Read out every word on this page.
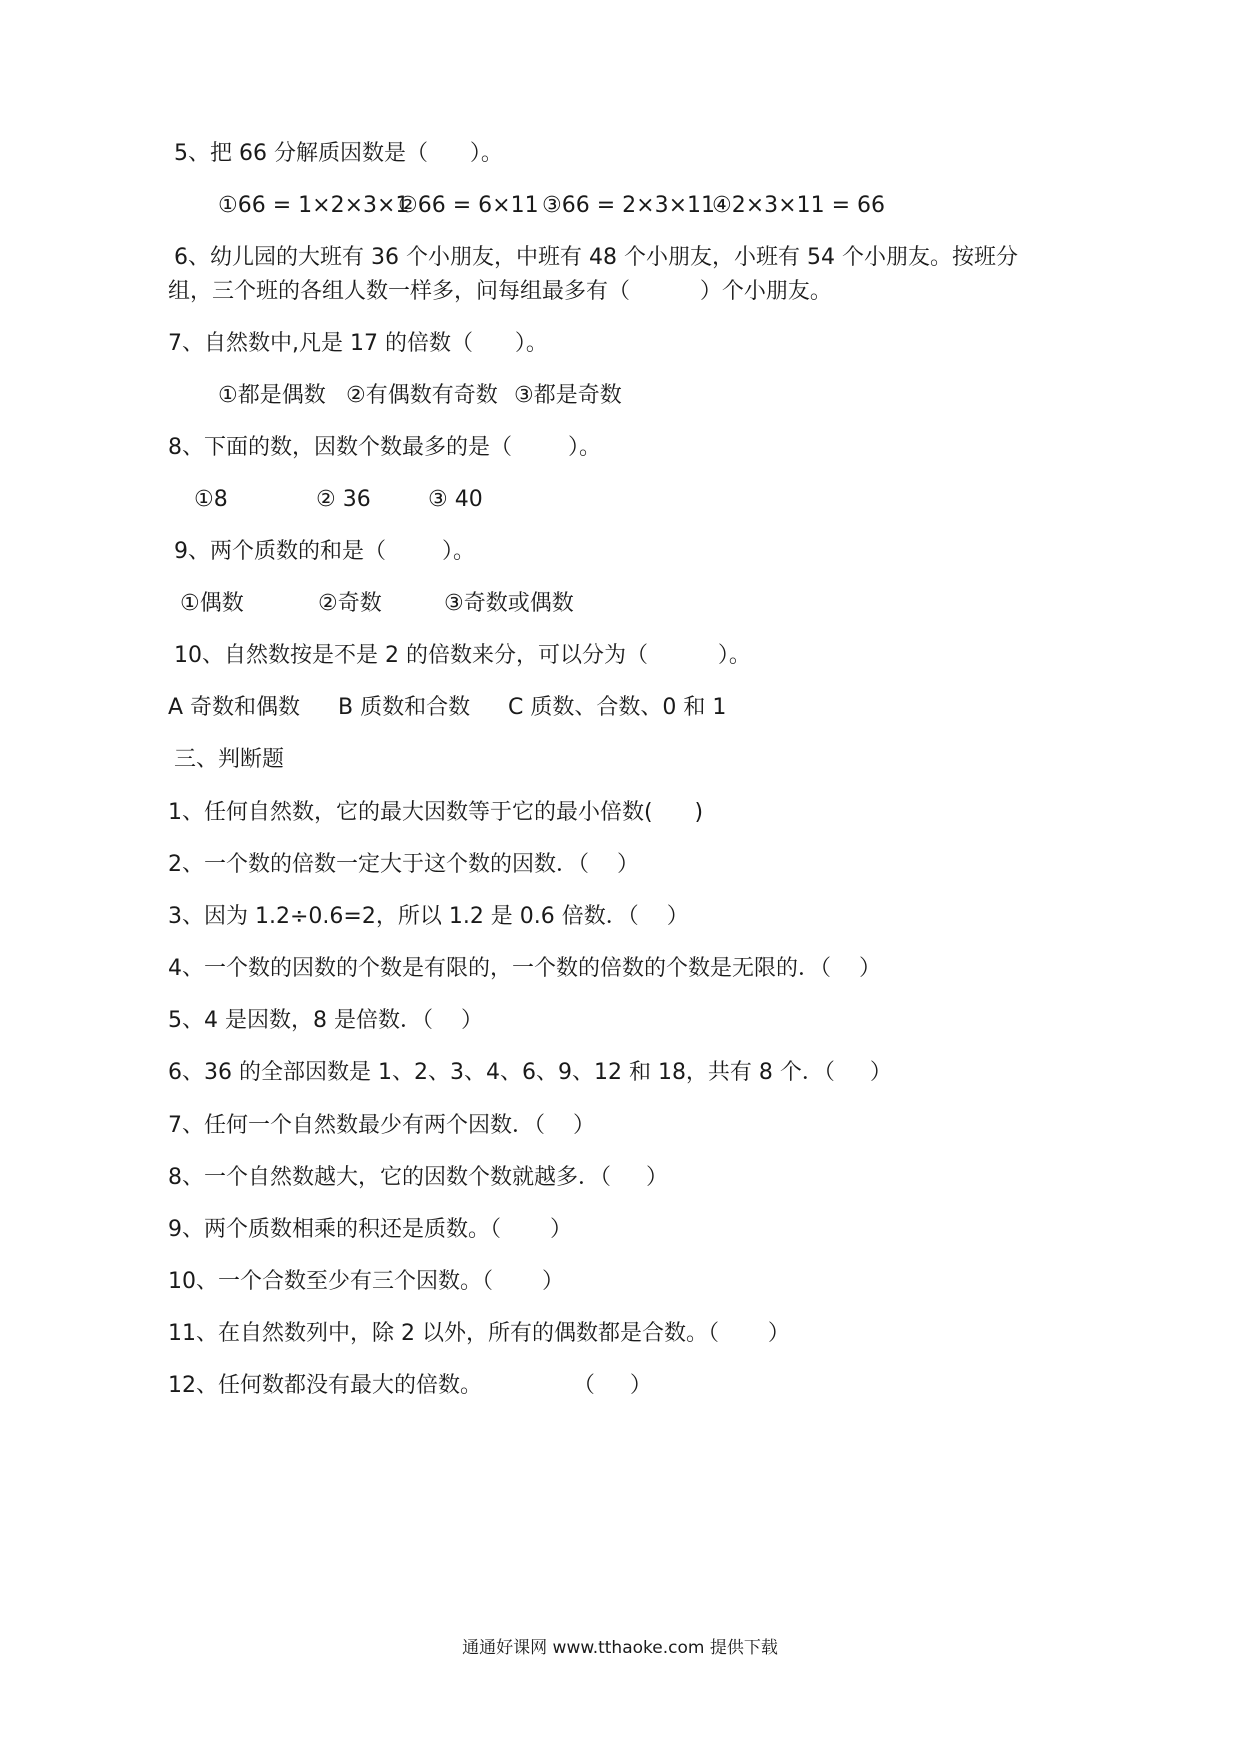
5、把 66 分解质因数是（      ）。
①66 = 1×2×3×1
②66 = 6×11 ③66 = 2×3×11
④2×3×11 = 66
6、幼儿园的大班有 36 个小朋友，中班有 48 个小朋友，小班有 54 个小朋友。按班分
组，三个班的各组人数一样多，问每组最多有（          ）个小朋友。
7、自然数中,凡是 17 的倍数（      ）。
①都是偶数 ②有偶数有奇数 ③都是奇数
8、下面的数，因数个数最多的是（        ）。
①8	② 36	③ 40
9、两个质数的和是（        ）。
①偶数	②奇数	③奇数或偶数
10、自然数按是不是 2 的倍数来分，可以分为（          ）。
A 奇数和偶数 B 质数和合数 C 质数、合数、0 和 1
三、判断题
1、任何自然数，它的最大因数等于它的最小倍数(      )
2、一个数的倍数一定大于这个数的因数．（    ）
3、因为 1.2÷0.6=2，所以 1.2 是 0.6 倍数．（    ）
4、一个数的因数的个数是有限的，一个数的倍数的个数是无限的．（    ）
5、4 是因数，8 是倍数．（    ）
6、36 的全部因数是 1、2、3、4、6、9、12 和 18，共有 8 个．（     ）
7、任何一个自然数最少有两个因数．（    ）
8、一个自然数越大，它的因数个数就越多．（     ）
9、两个质数相乘的积还是质数。（       ）
10、一个合数至少有三个因数。（       ）
11、在自然数列中，除 2 以外，所有的偶数都是合数。（       ）
12、任何数都没有最大的倍数。             （     ）
通通好课网 www.tthaoke.com 提供下载
